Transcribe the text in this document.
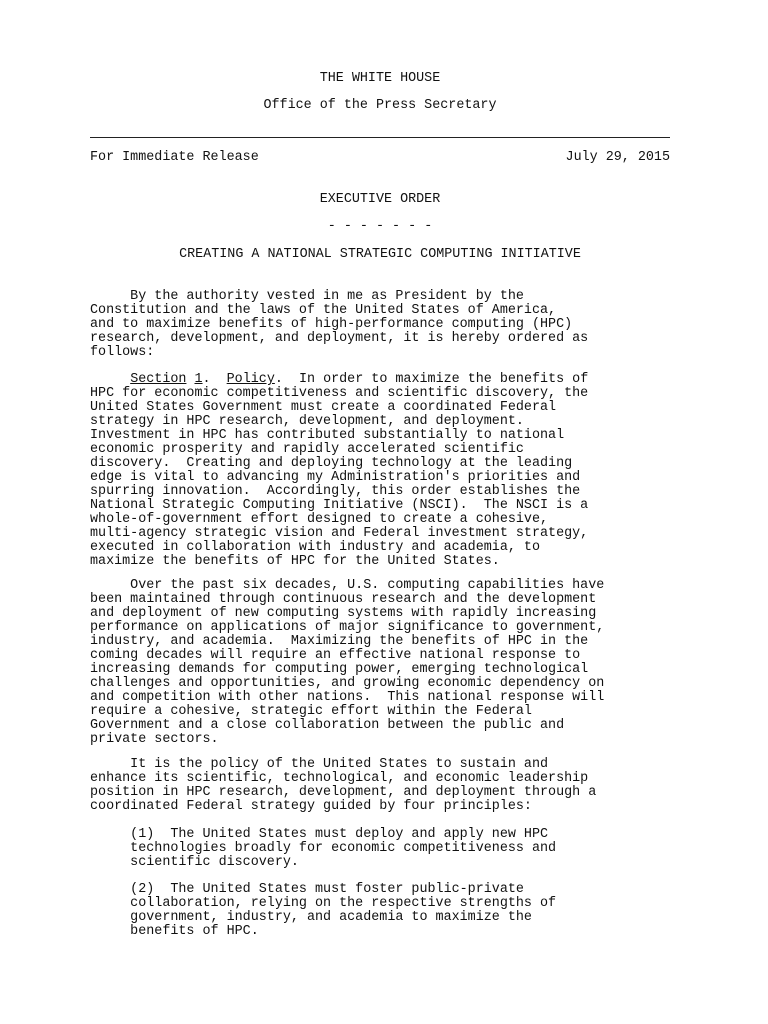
THE WHITE HOUSE
Office of the Press Secretary
For Immediate Release	July 29, 2015
EXECUTIVE ORDER
- - - - - - -
CREATING A NATIONAL STRATEGIC COMPUTING INITIATIVE
By the authority vested in me as President by the
Constitution and the laws of the United States of America,
and to maximize benefits of high-performance computing (HPC)
research, development, and deployment, it is hereby ordered as
follows:
Section 1.  Policy.  In order to maximize the benefits of
HPC for economic competitiveness and scientific discovery, the
United States Government must create a coordinated Federal
strategy in HPC research, development, and deployment.
Investment in HPC has contributed substantially to national
economic prosperity and rapidly accelerated scientific
discovery.  Creating and deploying technology at the leading
edge is vital to advancing my Administration's priorities and
spurring innovation.  Accordingly, this order establishes the
National Strategic Computing Initiative (NSCI).  The NSCI is a
whole-of-government effort designed to create a cohesive,
multi-agency strategic vision and Federal investment strategy,
executed in collaboration with industry and academia, to
maximize the benefits of HPC for the United States.
Over the past six decades, U.S. computing capabilities have
been maintained through continuous research and the development
and deployment of new computing systems with rapidly increasing
performance on applications of major significance to government,
industry, and academia.  Maximizing the benefits of HPC in the
coming decades will require an effective national response to
increasing demands for computing power, emerging technological
challenges and opportunities, and growing economic dependency on
and competition with other nations.  This national response will
require a cohesive, strategic effort within the Federal
Government and a close collaboration between the public and
private sectors.
It is the policy of the United States to sustain and
enhance its scientific, technological, and economic leadership
position in HPC research, development, and deployment through a
coordinated Federal strategy guided by four principles:
(1)  The United States must deploy and apply new HPC
technologies broadly for economic competitiveness and
scientific discovery.
(2)  The United States must foster public-private
collaboration, relying on the respective strengths of
government, industry, and academia to maximize the
benefits of HPC.
